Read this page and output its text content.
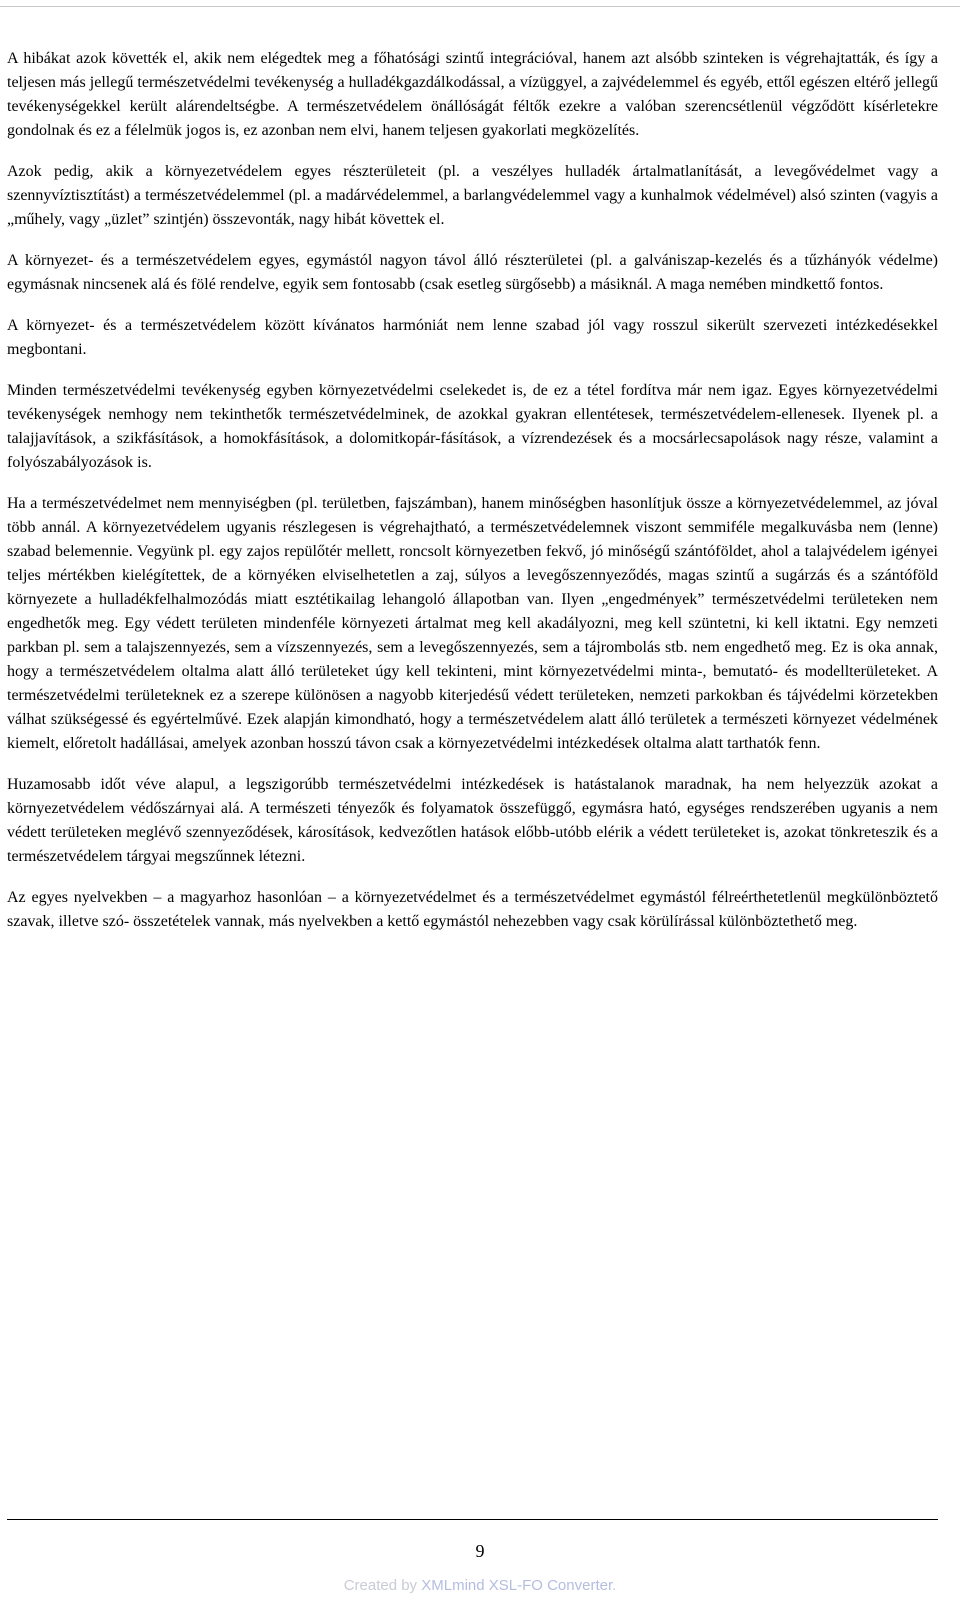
A hibákat azok követték el, akik nem elégedtek meg a főhatósági szintű integrációval, hanem azt alsóbb szinteken is végrehajtatták, és így a teljesen más jellegű természetvédelmi tevékenység a hulladékgazdálkodással, a vízüggyel, a zajvédelemmel és egyéb, ettől egészen eltérő jellegű tevékenységekkel került alárendeltségbe. A természetvédelem önállóságát féltők ezekre a valóban szerencsétlenül végződött kísérletekre gondolnak és ez a félelmük jogos is, ez azonban nem elvi, hanem teljesen gyakorlati megközelítés.

Azok pedig, akik a környezetvédelem egyes részterületeit (pl. a veszélyes hulladék ártalmatlanítását, a levegővédelmet vagy a szennyvíztisztítást) a természetvédelemmel (pl. a madárvédelemmel, a barlangvédelemmel vagy a kunhalmok védelmével) alsó szinten (vagyis a „műhely, vagy „üzlet” szintjén) összevonták, nagy hibát követtek el.

A környezet- és a természetvédelem egyes, egymástól nagyon távol álló részterületei (pl. a galvániszap-kezelés és a tűzhányók védelme) egymásnak nincsenek alá és fölé rendelve, egyik sem fontosabb (csak esetleg sürgősebb) a másiknál. A maga nemében mindkettő fontos.

A környezet- és a természetvédelem között kívánatos harmóniát nem lenne szabad jól vagy rosszul sikerült szervezeti intézkedésekkel megbontani.

Minden természetvédelmi tevékenység egyben környezetvédelmi cselekedet is, de ez a tétel fordítva már nem igaz. Egyes környezetvédelmi tevékenységek nemhogy nem tekinthetők természetvédelminek, de azokkal gyakran ellentétesek, természetvédelem-ellenesek. Ilyenek pl. a talajjavítások, a szikfásítások, a homokfásítások, a dolomitkopár-fásítások, a vízrendezések és a mocsárlecsapolások nagy része, valamint a folyószabályozások is.

Ha a természetvédelmet nem mennyiségben (pl. területben, fajszámban), hanem minőségben hasonlítjuk össze a környezetvédelemmel, az jóval több annál. A környezetvédelem ugyanis részlegesen is végrehajtható, a természetvédelemnek viszont semmiféle megalkuvásba nem (lenne) szabad belemennie. Vegyünk pl. egy zajos repülőtér mellett, roncsolt környezetben fekvő, jó minőségű szántóföldet, ahol a talajvédelem igényei teljes mértékben kielégítettek, de a környéken elviselhetetlen a zaj, súlyos a levegőszennyeződés, magas szintű a sugárzás és a szántóföld környezete a hulladékfelhalmozódás miatt esztétikailag lehangoló állapotban van. Ilyen „engedmények” természetvédelmi területeken nem engedhetők meg. Egy védett területen mindenféle környezeti ártalmat meg kell akadályozni, meg kell szüntetni, ki kell iktatni. Egy nemzeti parkban pl. sem a talajszennyezés, sem a vízszennyezés, sem a levegőszennyezés, sem a tájrombolás stb. nem engedhető meg. Ez is oka annak, hogy a természetvédelem oltalma alatt álló területeket úgy kell tekinteni, mint környezetvédelmi minta-, bemutató- és modellterületeket. A természetvédelmi területeknek ez a szerepe különösen a nagyobb kiterjedésű védett területeken, nemzeti parkokban és tájvédelmi körzetekben válhat szükségessé és egyértelművé. Ezek alapján kimondható, hogy a természetvédelem alatt álló területek a természeti környezet védelmének kiemelt, előretolt hadállásai, amelyek azonban hosszú távon csak a környezetvédelmi intézkedések oltalma alatt tarthatók fenn.

Huzamosabb időt véve alapul, a legszigorúbb természetvédelmi intézkedések is hatástalanok maradnak, ha nem helyezzük azokat a környezetvédelem védőszárnyai alá. A természeti tényezők és folyamatok összefüggő, egymásra ható, egységes rendszerében ugyanis a nem védett területeken meglévő szennyeződések, károsítások, kedvezőtlen hatások előbb-utóbb elérik a védett területeket is, azokat tönkreteszik és a természetvédelem tárgyai megszűnnek létezni.

Az egyes nyelvekben – a magyarhoz hasonlóan – a környezetvédelmet és a természetvédelmet egymástól félreérthetetlenül megkülönböztető szavak, illetve szó- összetételek vannak, más nyelvekben a kettő egymástól nehezebben vagy csak körülírással különböztethető meg.

9
Created by XMLmind XSL-FO Converter.
